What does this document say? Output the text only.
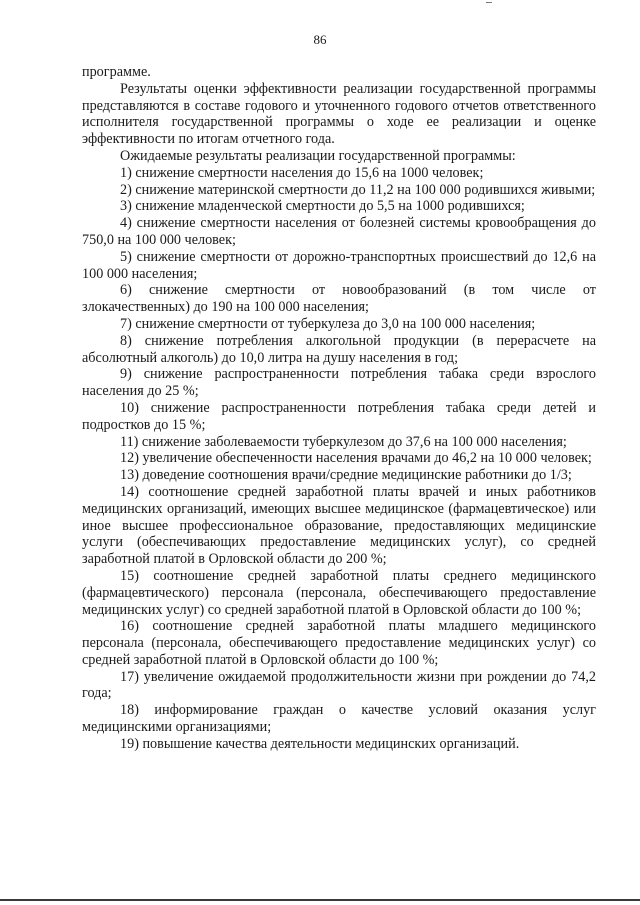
86

программе.

Результаты оценки эффективности реализации государственной программы представляются в составе годового и уточненного годового отчетов ответственного исполнителя государственной программы о ходе ее реализации и оценке эффективности по итогам отчетного года.

Ожидаемые результаты реализации государственной программы:

1) снижение смертности населения до 15,6 на 1000 человек;

2) снижение материнской смертности до 11,2 на 100 000 родившихся живыми;

3) снижение младенческой смертности до 5,5 на 1000 родившихся;

4) снижение смертности населения от болезней системы кровообращения до 750,0 на 100 000 человек;

5) снижение смертности от дорожно-транспортных происшествий до 12,6 на 100 000 населения;

6) снижение смертности от новообразований (в том числе от злокачественных) до 190 на 100 000 населения;

7) снижение смертности от туберкулеза до 3,0 на 100 000 населения;

8) снижение потребления алкогольной продукции (в перерасчете на абсолютный алкоголь) до 10,0 литра на душу населения в год;

9) снижение распространенности потребления табака среди взрослого населения до 25 %;

10) снижение распространенности потребления табака среди детей и подростков до 15 %;

11) снижение заболеваемости туберкулезом до 37,6 на 100 000 населения;

12) увеличение обеспеченности населения врачами до 46,2 на 10 000 человек;

13) доведение соотношения врачи/средние медицинские работники до 1/3;

14) соотношение средней заработной платы врачей и иных работников медицинских организаций, имеющих высшее медицинское (фармацевтическое) или иное высшее профессиональное образование, предоставляющих медицинские услуги (обеспечивающих предоставление медицинских услуг), со средней заработной платой в Орловской области до 200 %;

15) соотношение средней заработной платы среднего медицинского (фармацевтического) персонала (персонала, обеспечивающего предоставление медицинских услуг) со средней заработной платой в Орловской области до 100 %;

16) соотношение средней заработной платы младшего медицинского персонала (персонала, обеспечивающего предоставление медицинских услуг) со средней заработной платой в Орловской области до 100 %;

17) увеличение ожидаемой продолжительности жизни при рождении до 74,2 года;

18) информирование граждан о качестве условий оказания услуг медицинскими организациями;

19) повышение качества деятельности медицинских организаций.
